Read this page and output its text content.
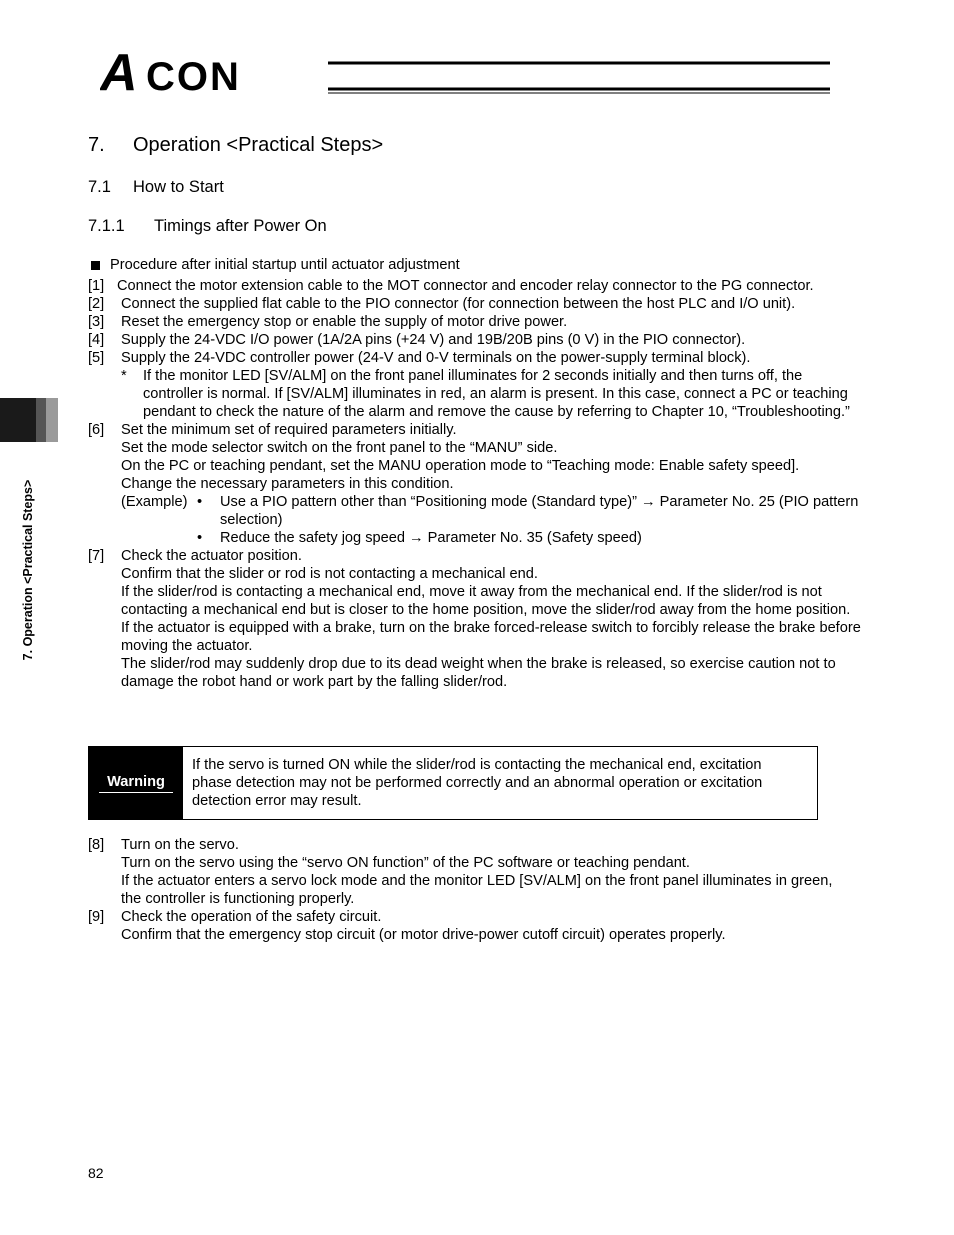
A CON
7. Operation <Practical Steps>
7.1 How to Start
7.1.1 Timings after Power On
7. Operation <Practical Steps>
Procedure after initial startup until actuator adjustment
[1] Connect the motor extension cable to the MOT connector and encoder relay connector to the PG connector.
[2]	Connect the supplied flat cable to the PIO connector (for connection between the host PLC and I/O unit).
[3]	Reset the emergency stop or enable the supply of motor drive power.
[4]	Supply the 24-VDC I/O power (1A/2A pins (+24 V) and 19B/20B pins (0 V) in the PIO connector).
[5]	Supply the 24-VDC controller power (24-V and 0-V terminals on the power-supply terminal block).
*	If the monitor LED [SV/ALM] on the front panel illuminates for 2 seconds initially and then turns off, the controller is normal. If [SV/ALM] illuminates in red, an alarm is present. In this case, connect a PC or teaching pendant to check the nature of the alarm and remove the cause by referring to Chapter 10, “Troubleshooting.”
[6]	Set the minimum set of required parameters initially.
Set the mode selector switch on the front panel to the “MANU” side.
On the PC or teaching pendant, set the MANU operation mode to “Teaching mode: Enable safety speed].
Change the necessary parameters in this condition.
(Example) •	Use a PIO pattern other than “Positioning mode (Standard type)” → Parameter No. 25 (PIO pattern selection)
•	Reduce the safety jog speed → Parameter No. 35 (Safety speed)
[7]	Check the actuator position.
Confirm that the slider or rod is not contacting a mechanical end.
If the slider/rod is contacting a mechanical end, move it away from the mechanical end. If the slider/rod is not contacting a mechanical end but is closer to the home position, move the slider/rod away from the home position.
If the actuator is equipped with a brake, turn on the brake forced-release switch to forcibly release the brake before moving the actuator.
The slider/rod may suddenly drop due to its dead weight when the brake is released, so exercise caution not to damage the robot hand or work part by the falling slider/rod.
Warning
If the servo is turned ON while the slider/rod is contacting the mechanical end, excitation phase detection may not be performed correctly and an abnormal operation or excitation detection error may result.
[8]	Turn on the servo.
Turn on the servo using the “servo ON function” of the PC software or teaching pendant.
If the actuator enters a servo lock mode and the monitor LED [SV/ALM] on the front panel illuminates in green, the controller is functioning properly.
[9]	Check the operation of the safety circuit.
Confirm that the emergency stop circuit (or motor drive-power cutoff circuit) operates properly.
82
